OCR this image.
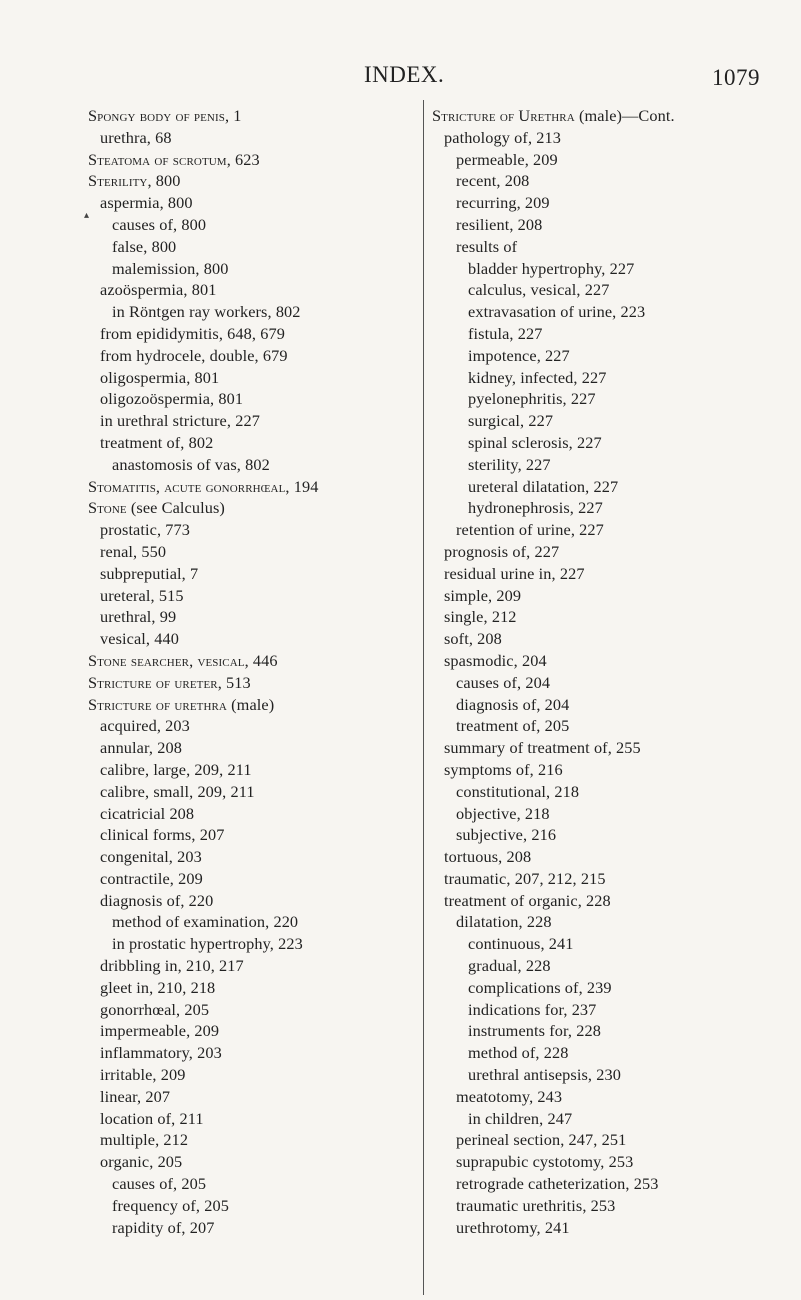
INDEX.	1079
▴
Spongy body of penis, 1
urethra, 68
Steatoma of scrotum, 623
Sterility, 800
aspermia, 800
causes of, 800
false, 800
malemission, 800
azoöspermia, 801
in Röntgen ray workers, 802
from epididymitis, 648, 679
from hydrocele, double, 679
oligospermia, 801
oligozoöspermia, 801
in urethral stricture, 227
treatment of, 802
anastomosis of vas, 802
Stomatitis, acute gonorrhœal, 194
Stone (see Calculus)
prostatic, 773
renal, 550
subpreputial, 7
ureteral, 515
urethral, 99
vesical, 440
Stone searcher, vesical, 446
Stricture of ureter, 513
Stricture of urethra (male)
acquired, 203
annular, 208
calibre, large, 209, 211
calibre, small, 209, 211
cicatricial 208
clinical forms, 207
congenital, 203
contractile, 209
diagnosis of, 220
method of examination, 220
in prostatic hypertrophy, 223
dribbling in, 210, 217
gleet in, 210, 218
gonorrhœal, 205
impermeable, 209
inflammatory, 203
irritable, 209
linear, 207
location of, 211
multiple, 212
organic, 205
causes of, 205
frequency of, 205
rapidity of, 207
Stricture of Urethra (male)—Cont.
pathology of, 213
permeable, 209
recent, 208
recurring, 209
resilient, 208
results of
bladder hypertrophy, 227
calculus, vesical, 227
extravasation of urine, 223
fistula, 227
impotence, 227
kidney, infected, 227
pyelonephritis, 227
surgical, 227
spinal sclerosis, 227
sterility, 227
ureteral dilatation, 227
hydronephrosis, 227
retention of urine, 227
prognosis of, 227
residual urine in, 227
simple, 209
single, 212
soft, 208
spasmodic, 204
causes of, 204
diagnosis of, 204
treatment of, 205
summary of treatment of, 255
symptoms of, 216
constitutional, 218
objective, 218
subjective, 216
tortuous, 208
traumatic, 207, 212, 215
treatment of organic, 228
dilatation, 228
continuous, 241
gradual, 228
complications of, 239
indications for, 237
instruments for, 228
method of, 228
urethral antisepsis, 230
meatotomy, 243
in children, 247
perineal section, 247, 251
suprapubic cystotomy, 253
retrograde catheterization, 253
traumatic urethritis, 253
urethrotomy, 241
